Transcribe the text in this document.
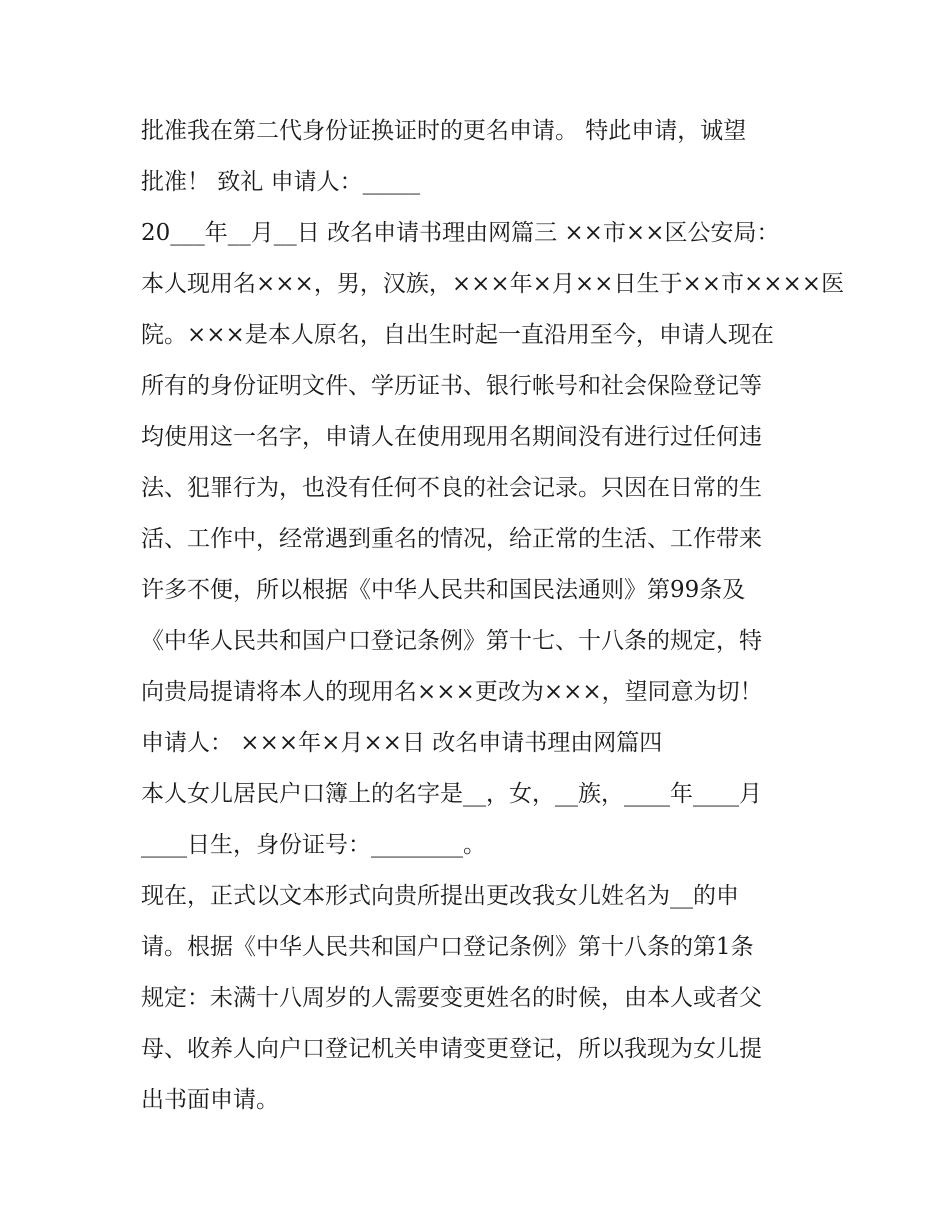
批准我在第二代身份证换证时的更名申请。 特此申请，诚望

批准！ 致礼 申请人：_____

20___年__月__日 改名申请书理由网篇三 ××市××区公安局：

本人现用名×××，男，汉族，×××年×月××日生于××市××××医

院。×××是本人原名，自出生时起一直沿用至今，申请人现在

所有的身份证明文件、学历证书、银行帐号和社会保险登记等

均使用这一名字，申请人在使用现用名期间没有进行过任何违

法、犯罪行为，也没有任何不良的社会记录。只因在日常的生

活、工作中，经常遇到重名的情况，给正常的生活、工作带来

许多不便，所以根据《中华人民共和国民法通则》第99条及

《中华人民共和国户口登记条例》第十七、十八条的规定，特

向贵局提请将本人的现用名×××更改为×××，望同意为切！

申请人： ×××年×月××日 改名申请书理由网篇四

本人女儿居民户口簿上的名字是__，女，__族，____年____月

____日生，身份证号：________。

现在，正式以文本形式向贵所提出更改我女儿姓名为__的申

请。根据《中华人民共和国户口登记条例》第十八条的第1条

规定：未满十八周岁的人需要变更姓名的时候，由本人或者父

母、收养人向户口登记机关申请变更登记，所以我现为女儿提

出书面申请。
